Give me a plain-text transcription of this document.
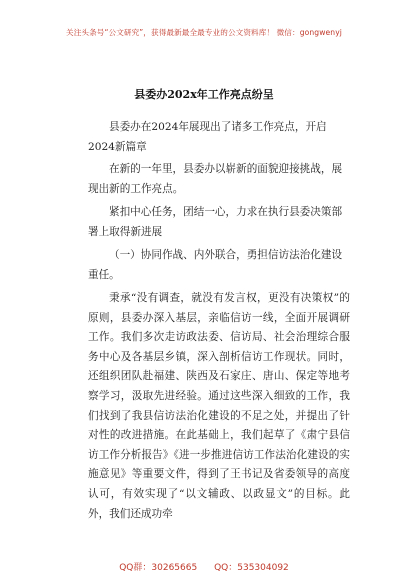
关注头条号“公文研究”，获得最新最全最专业的公文资料库！ 微信：gongwenyj
县委办202x年工作亮点纷呈

县委办在2024年展现出了诸多工作亮点，开启2024新篇章

在新的一年里，县委办以崭新的面貌迎接挑战，展现出新的工作亮点。

紧扣中心任务，团结一心，力求在执行县委决策部署上取得新进展

（一）协同作战、内外联合，勇担信访法治化建设重任。

秉承“没有调查，就没有发言权，更没有决策权”的原则，县委办深入基层，亲临信访一线，全面开展调研工作。我们多次走访政法委、信访局、社会治理综合服务中心及各基层乡镇，深入剖析信访工作现状。同时，还组织团队赴福建、陕西及石家庄、唐山、保定等地考察学习，汲取先进经验。通过这些深入细致的工作，我们找到了我县信访法治化建设的不足之处，并提出了针对性的改进措施。在此基础上，我们起草了《肃宁县信访工作分析报告》《进一步推进信访工作法治化建设的实施意见》等重要文件，得到了王书记及省委领导的高度认可，有效实现了“以文辅政、以政显文”的目标。此外，我们还成功牵

QQ群：30265665 QQ：535304092
